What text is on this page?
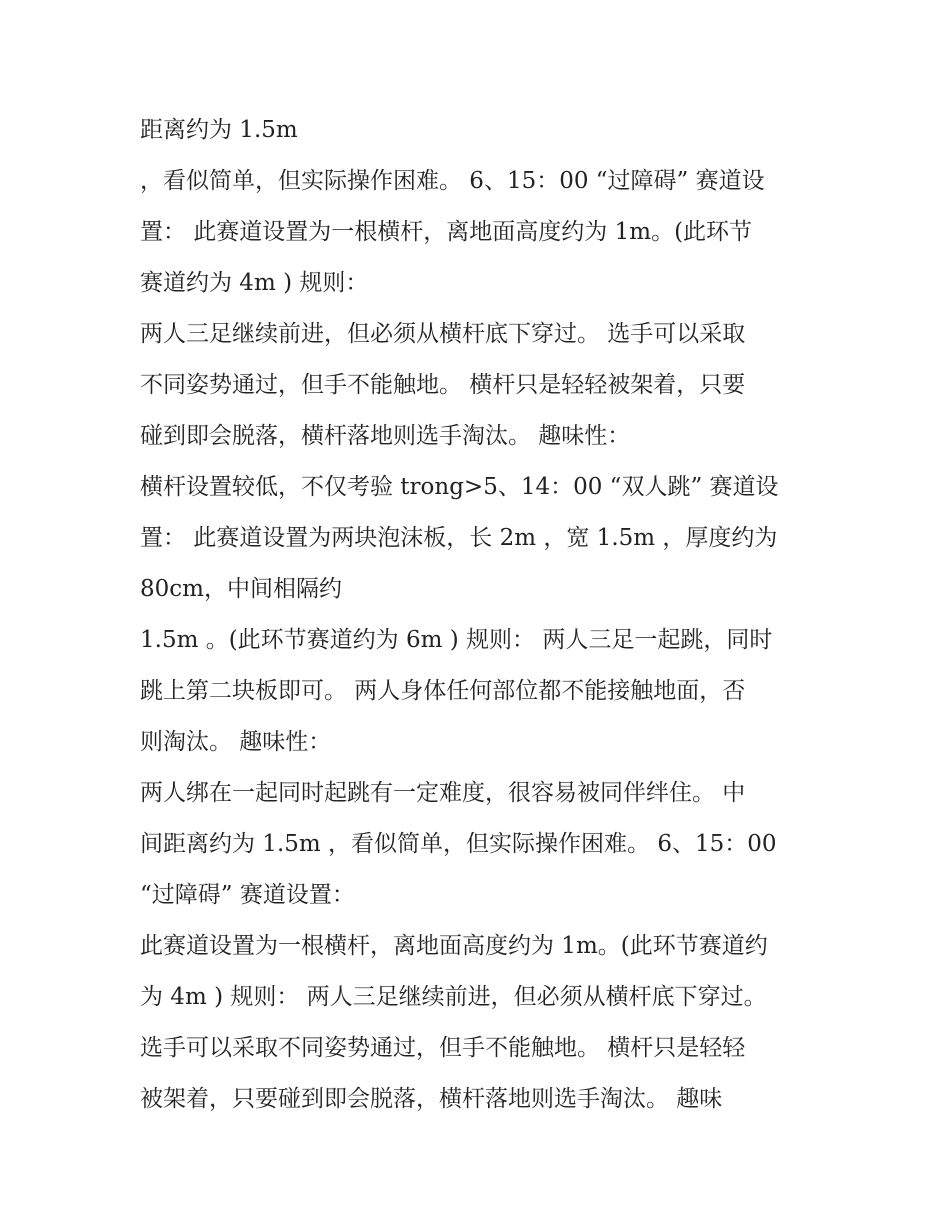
距离约为 1.5m
，看似简单，但实际操作困难。 6、15：00 “过障碍” 赛道设
置： 此赛道设置为一根横杆，离地面高度约为 1m。(此环节
赛道约为 4m ) 规则：
两人三足继续前进，但必须从横杆底下穿过。 选手可以采取
不同姿势通过，但手不能触地。 横杆只是轻轻被架着，只要
碰到即会脱落，横杆落地则选手淘汰。 趣味性：
横杆设置较低，不仅考验 trong>5、14：00 “双人跳” 赛道设
置： 此赛道设置为两块泡沫板，长 2m ，宽 1.5m ，厚度约为
80cm，中间相隔约
1.5m 。(此环节赛道约为 6m ) 规则： 两人三足一起跳，同时
跳上第二块板即可。 两人身体任何部位都不能接触地面，否
则淘汰。 趣味性：
两人绑在一起同时起跳有一定难度，很容易被同伴绊住。 中
间距离约为 1.5m ，看似简单，但实际操作困难。 6、15：00
“过障碍” 赛道设置：
此赛道设置为一根横杆，离地面高度约为 1m。(此环节赛道约
为 4m ) 规则： 两人三足继续前进，但必须从横杆底下穿过。
选手可以采取不同姿势通过，但手不能触地。 横杆只是轻轻
被架着，只要碰到即会脱落，横杆落地则选手淘汰。 趣味
